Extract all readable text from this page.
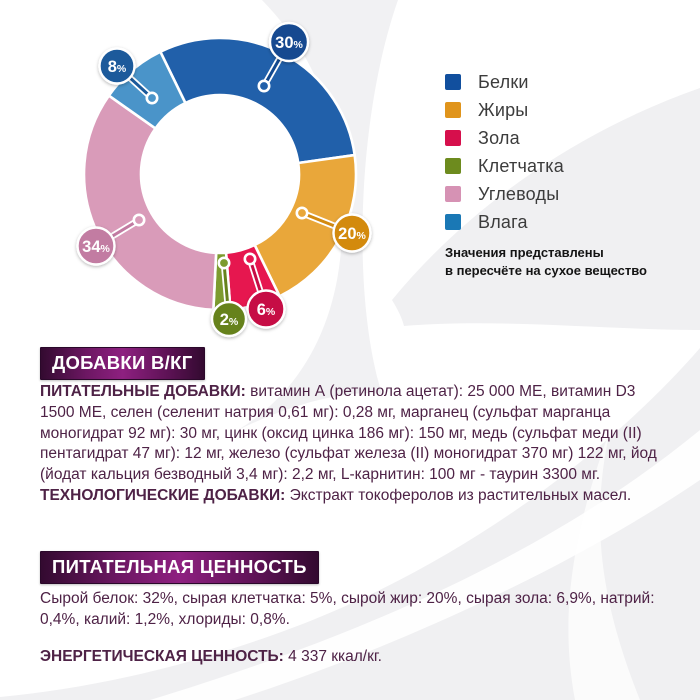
30%
20%
6%
2%
34%
8%
Белки
Жиры
Зола
Клетчатка
Углеводы
Влага
Значения представлены
в пересчёте на сухое вещество
ДОБАВКИ В/КГ
ПИТАТЕЛЬНЫЕ ДОБАВКИ: витамин А (ретинола ацетат): 25 000 МЕ, витамин D3 1500 МЕ, селен (селенит натрия 0,61 мг): 0,28 мг, марганец (сульфат марганца моногидрат 92 мг): 30 мг, цинк (оксид цинка 186 мг): 150 мг, медь (сульфат меди (II) пентагидрат 47 мг): 12 мг, железо (сульфат железа (II) моногидрат 370 мг) 122 мг, йод (йодат кальция безводный 3,4 мг): 2,2 мг, L-карнитин: 100 мг - таурин 3300 мг.
ТЕХНОЛОГИЧЕСКИЕ ДОБАВКИ: Экстракт токоферолов из растительных масел.
ПИТАТЕЛЬНАЯ ЦЕННОСТЬ
Сырой белок: 32%, сырая клетчатка: 5%, сырой жир: 20%, сырая зола: 6,9%, натрий: 0,4%, калий: 1,2%, хлориды: 0,8%.
ЭНЕРГЕТИЧЕСКАЯ ЦЕННОСТЬ: 4 337 ккал/кг.
